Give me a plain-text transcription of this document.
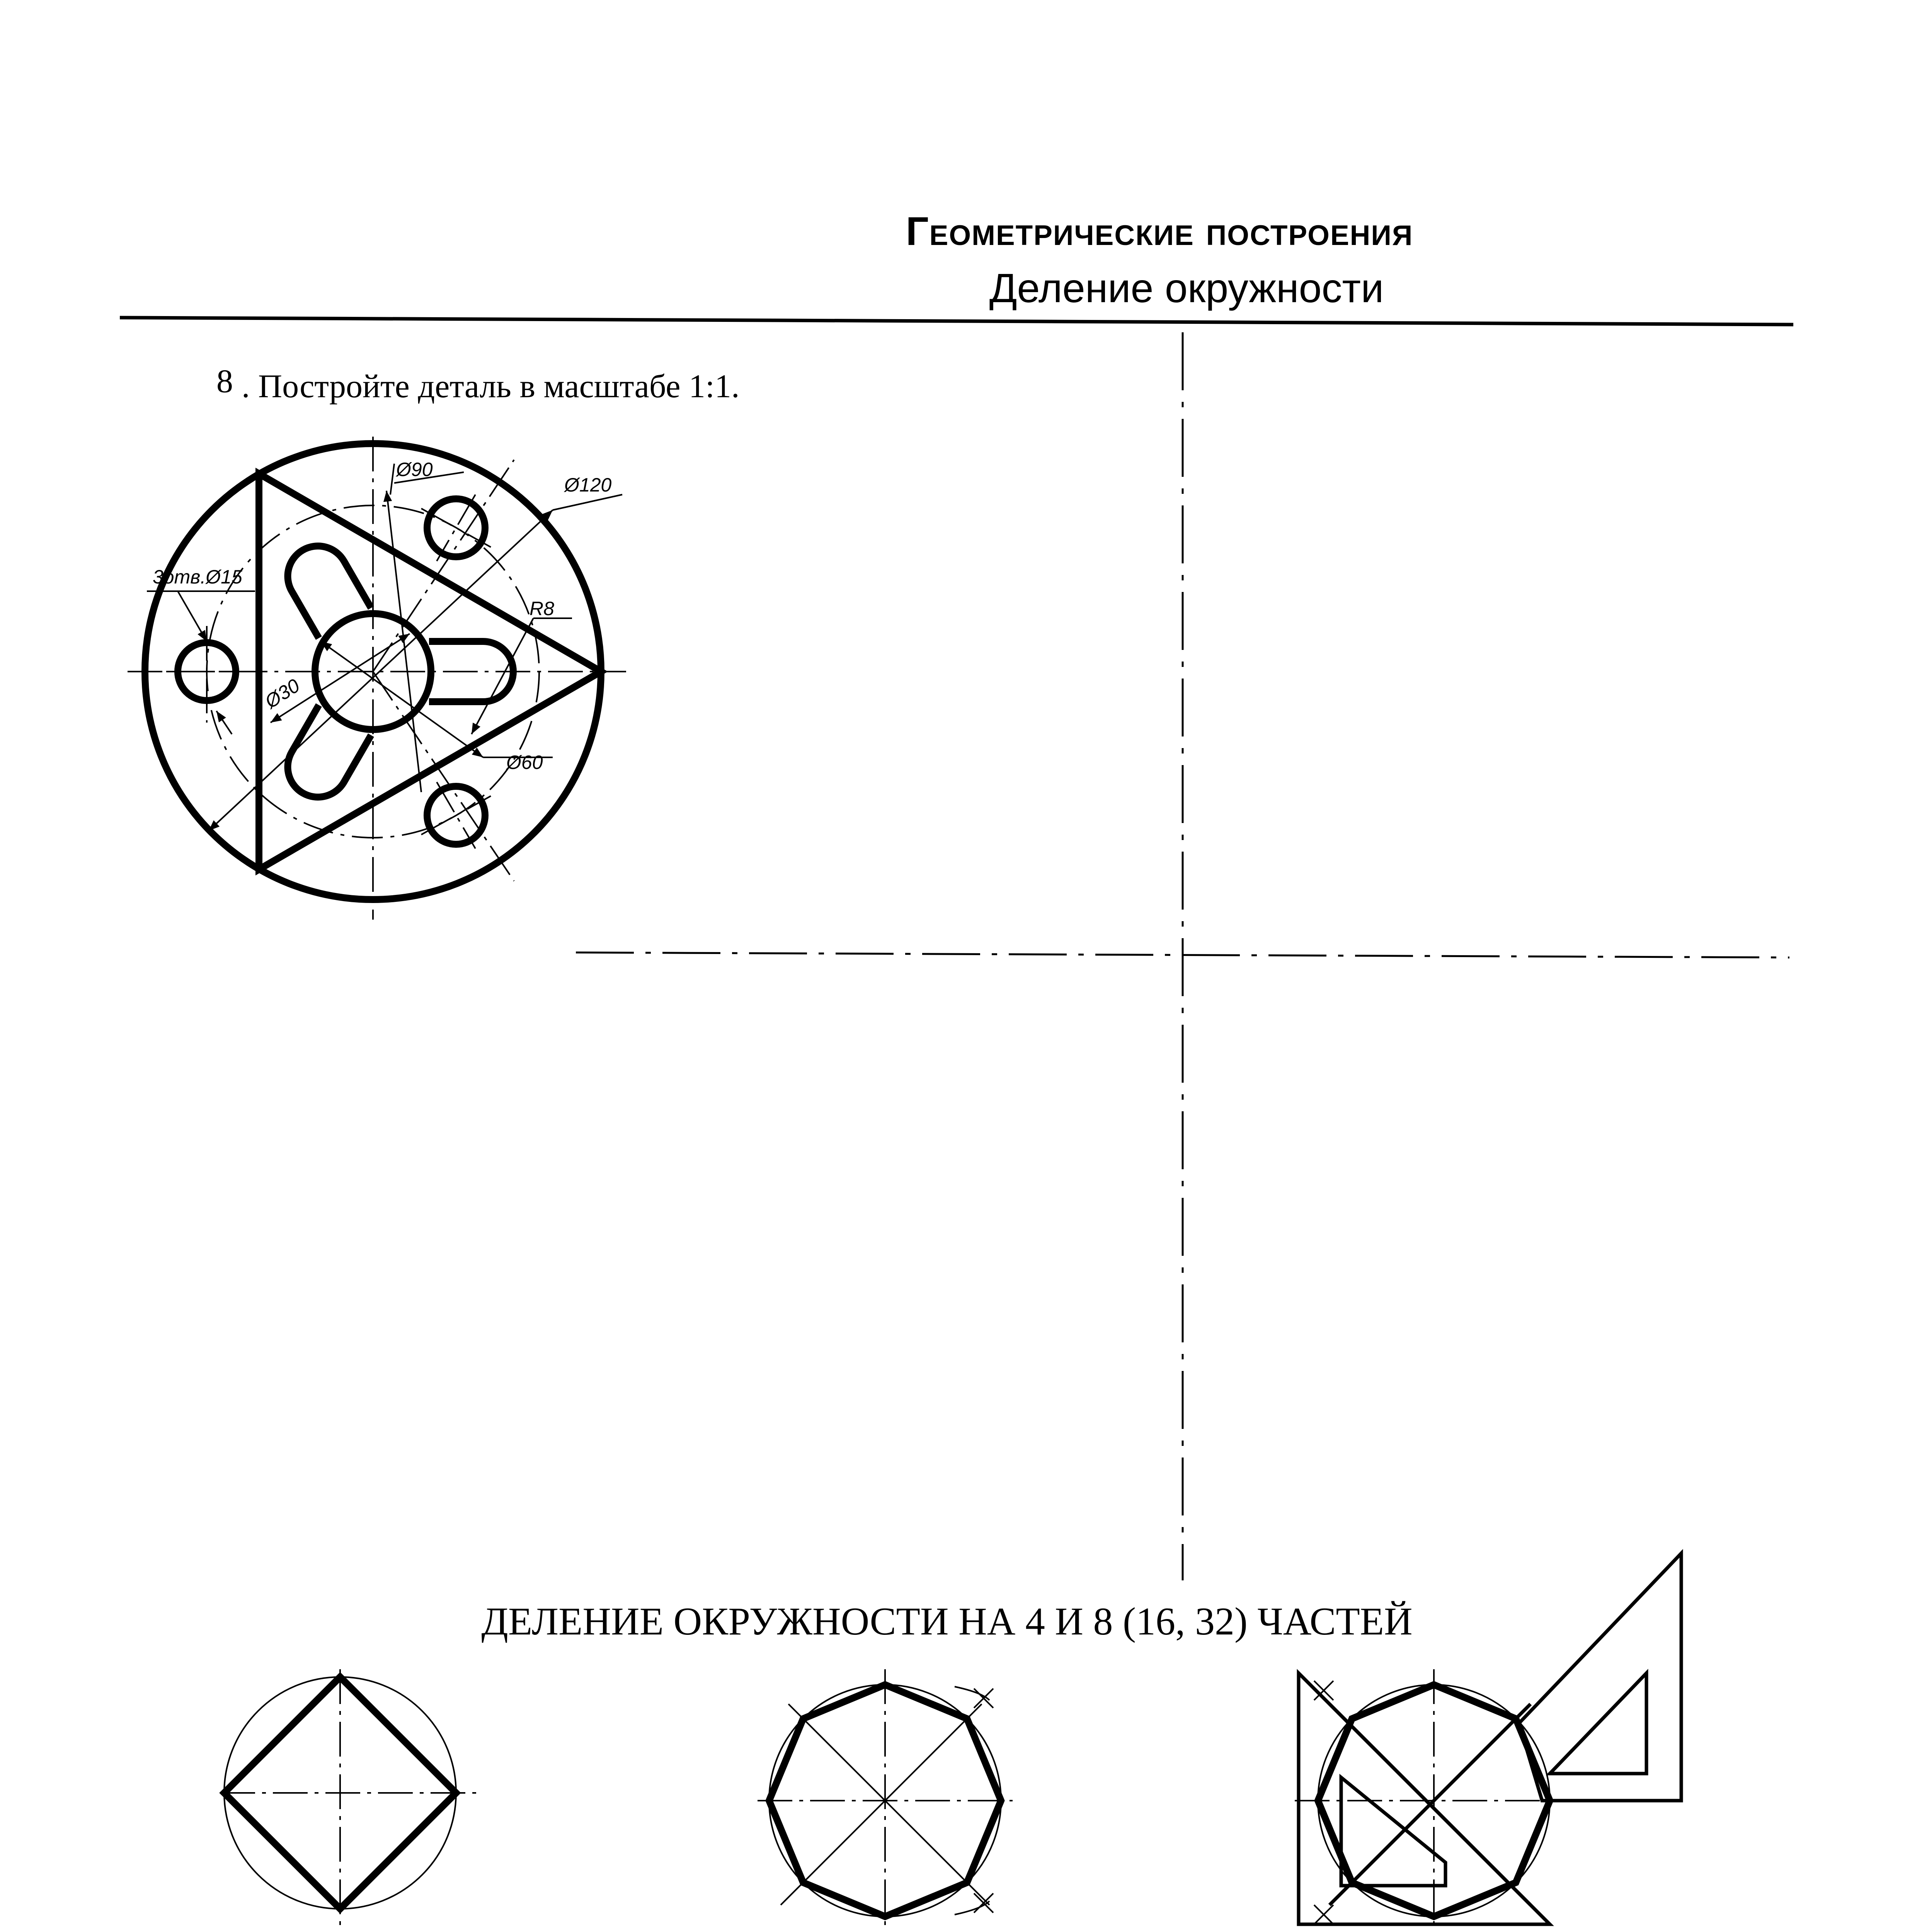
Геометрические построения
Деление окружности
8 . Постройте деталь в масштабе 1:1.
Ø90
Ø120
3отв.Ø15
R8
Ø30
Ø60
ДЕЛЕНИЕ ОКРУЖНОСТИ НА 4 И 8 (16, 32) ЧАСТЕЙ
